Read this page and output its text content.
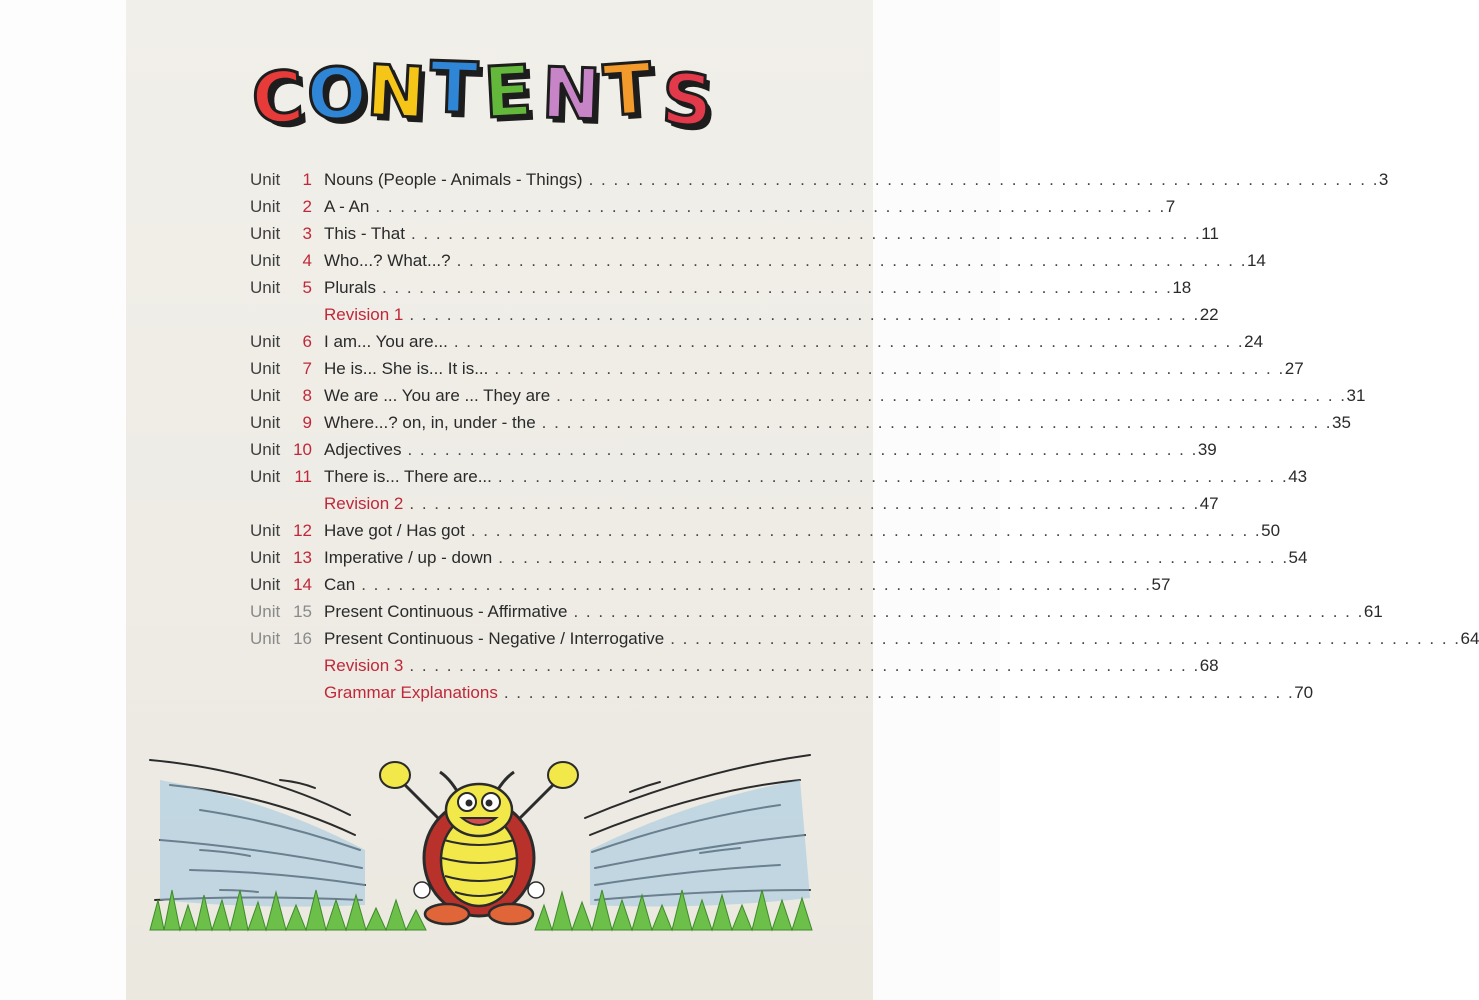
C O
N T E N T S
Unit	1 Nouns (People - Animals - Things) . . . . . . . . . . . . . . . . . . . . . . . . . . . . . . . . . . . . . . . . . . . . . . . . . . . . . . . . . . . . . . . . 3
Unit	2 A - An . . . . . . . . . . . . . . . . . . . . . . . . . . . . . . . . . . . . . . . . . . . . . . . . . . . . . . . . . . . . . . . . 7
Unit	3 This - That . . . . . . . . . . . . . . . . . . . . . . . . . . . . . . . . . . . . . . . . . . . . . . . . . . . . . . . . . . . . . . . . 11
Unit	4 Who...? What...? . . . . . . . . . . . . . . . . . . . . . . . . . . . . . . . . . . . . . . . . . . . . . . . . . . . . . . . . . . . . . . . . 14
Unit	5 Plurals . . . . . . . . . . . . . . . . . . . . . . . . . . . . . . . . . . . . . . . . . . . . . . . . . . . . . . . . . . . . . . . . 18
Revision 1 . . . . . . . . . . . . . . . . . . . . . . . . . . . . . . . . . . . . . . . . . . . . . . . . . . . . . . . . . . . . . . . . 22
Unit	6 I am... You are... . . . . . . . . . . . . . . . . . . . . . . . . . . . . . . . . . . . . . . . . . . . . . . . . . . . . . . . . . . . . . . . . 24
Unit	7 He is... She is... It is... . . . . . . . . . . . . . . . . . . . . . . . . . . . . . . . . . . . . . . . . . . . . . . . . . . . . . . . . . . . . . . . . 27
Unit	8 We are ... You are ... They are . . . . . . . . . . . . . . . . . . . . . . . . . . . . . . . . . . . . . . . . . . . . . . . . . . . . . . . . . . . . . . . . 31
Unit	9 Where...? on, in, under - the . . . . . . . . . . . . . . . . . . . . . . . . . . . . . . . . . . . . . . . . . . . . . . . . . . . . . . . . . . . . . . . . 35
Unit 10 Adjectives . . . . . . . . . . . . . . . . . . . . . . . . . . . . . . . . . . . . . . . . . . . . . . . . . . . . . . . . . . . . . . . . 39
Unit 11 There is... There are... . . . . . . . . . . . . . . . . . . . . . . . . . . . . . . . . . . . . . . . . . . . . . . . . . . . . . . . . . . . . . . . . 43
Revision 2 . . . . . . . . . . . . . . . . . . . . . . . . . . . . . . . . . . . . . . . . . . . . . . . . . . . . . . . . . . . . . . . . 47
Unit 12 Have got / Has got . . . . . . . . . . . . . . . . . . . . . . . . . . . . . . . . . . . . . . . . . . . . . . . . . . . . . . . . . . . . . . . . 50
Unit 13 Imperative / up - down . . . . . . . . . . . . . . . . . . . . . . . . . . . . . . . . . . . . . . . . . . . . . . . . . . . . . . . . . . . . . . . . 54
Unit 14 Can . . . . . . . . . . . . . . . . . . . . . . . . . . . . . . . . . . . . . . . . . . . . . . . . . . . . . . . . . . . . . . . . 57
Unit 15 Present Continuous - Affirmative . . . . . . . . . . . . . . . . . . . . . . . . . . . . . . . . . . . . . . . . . . . . . . . . . . . . . . . . . . . . . . . . 61
Unit 16 Present Continuous - Negative / Interrogative . . . . . . . . . . . . . . . . . . . . . . . . . . . . . . . . . . . . . . . . . . . . . . . . . . . . . . . . . . . . . . . . 64
Revision 3 . . . . . . . . . . . . . . . . . . . . . . . . . . . . . . . . . . . . . . . . . . . . . . . . . . . . . . . . . . . . . . . . 68
Grammar Explanations . . . . . . . . . . . . . . . . . . . . . . . . . . . . . . . . . . . . . . . . . . . . . . . . . . . . . . . . . . . . . . . . 70
